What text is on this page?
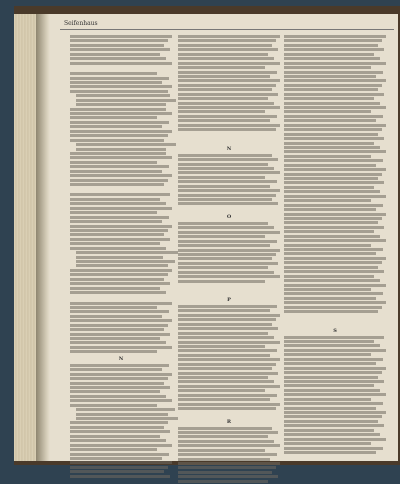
Seifenhaus
N
N
O
P
R
S
